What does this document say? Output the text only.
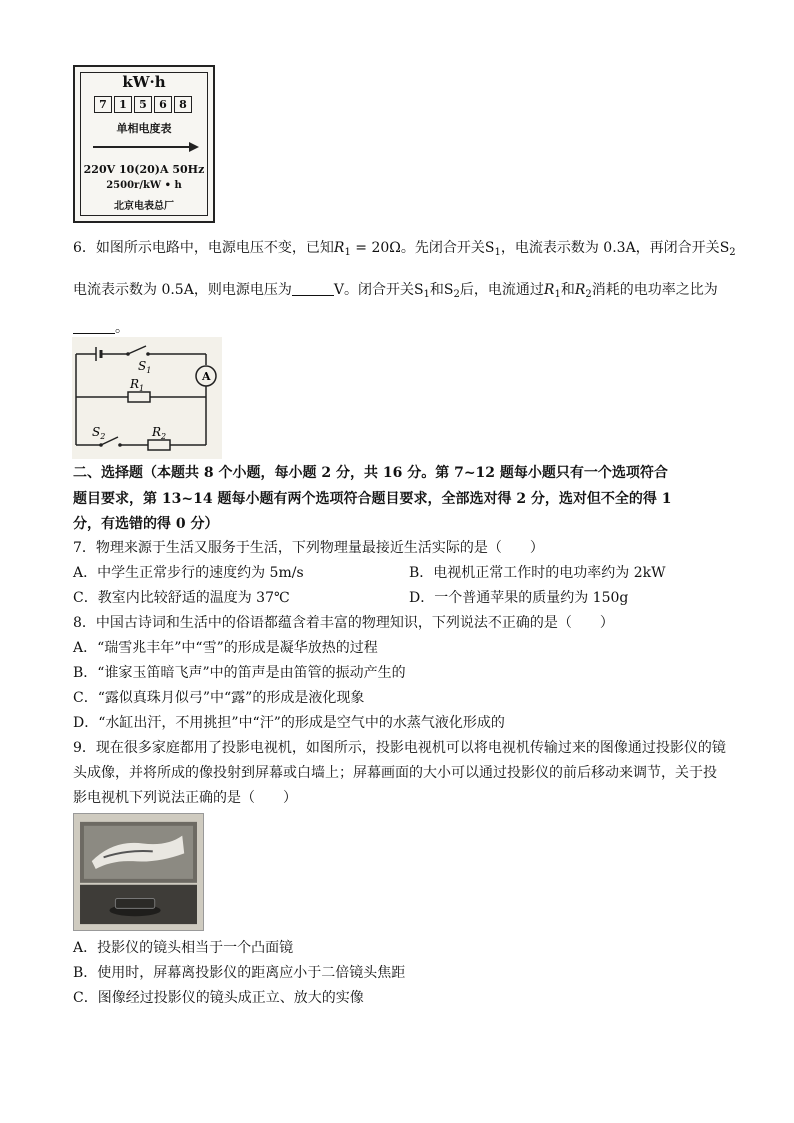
kW·h
7	1	5	6	8
单相电度表
220V 10(20)A 50Hz
2500r/kW • h
北京电表总厂
6．如图所示电路中，电源电压不变，已知$R_1 = 20\Omega$。先闭合开关$S_1$，电流表示数为 0.3A，再闭合开关$S_2$
电流表示数为 0.5A，则电源电压为	V。闭合开关$S_1$和$S_2$后，电流通过$R_1$和$R_2$消耗的电功率之比为
。
$S_1$	A
$R_1$
$S_2$	$R_2$
二、选择题（本题共 8 个小题，每小题 2 分，共 16 分。第 7~12 题每小题只有一个选项符合
题目要求，第 13~14 题每小题有两个选项符合题目要求，全部选对得 2 分，选对但不全的得 1
分，有选错的得 0 分）
7．物理来源于生活又服务于生活，下列物理量最接近生活实际的是（　　）
A．中学生正常步行的速度约为 5m/s	B．电视机正常工作时的电功率约为 2kW
C．教室内比较舒适的温度为 37℃	D．一个普通苹果的质量约为 150g
8．中国古诗词和生活中的俗语都蕴含着丰富的物理知识，下列说法不正确的是（　　）
A．“瑞雪兆丰年”中“雪”的形成是凝华放热的过程
B．“谁家玉笛暗飞声”中的笛声是由笛管的振动产生的
C．“露似真珠月似弓”中“露”的形成是液化现象
D．“水缸出汗，不用挑担”中“汗”的形成是空气中的水蒸气液化形成的
9．现在很多家庭都用了投影电视机，如图所示，投影电视机可以将电视机传输过来的图像通过投影仪的镜
头成像，并将所成的像投射到屏幕或白墙上；屏幕画面的大小可以通过投影仪的前后移动来调节，关于投
影电视机下列说法正确的是（　　）
A．投影仪的镜头相当于一个凸面镜
B．使用时，屏幕离投影仪的距离应小于二倍镜头焦距
C．图像经过投影仪的镜头成正立、放大的实像
